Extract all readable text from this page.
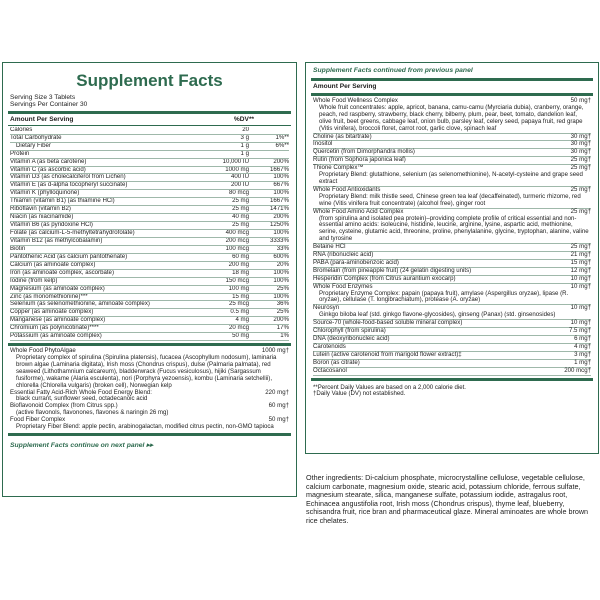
Supplement Facts
Serving Size 3 Tablets
Servings Per Container 30
Amount Per Serving	%DV**
Calories	20
Total Carbohydrate	3 g	1%**
Dietary Fiber	1 g	6%**
Protein	1 g
Vitamin A (as beta carotene)	10,000 IU	200%
Vitamin C (as ascorbic acid)	1000 mg	1667%
Vitamin D3 (as cholecalciferol from Lichen)	400 IU	100%
Vitamin E (as d-alpha tocopheryl succinate)	200 IU	667%
Vitamin K (phylloquinone)	80 mcg	100%
Thiamin (vitamin B1) (as thiamine HCl)	25 mg	1667%
Riboflavin (vitamin B2)	25 mg	1471%
Niacin (as niacinamide)	40 mg	200%
Vitamin B6 (as pyridoxine HCl)	25 mg	1250%
Folate (as calcium-L-5-methyltetrahydrofolate)	400 mcg	100%
Vitamin B12 (as methylcobalamin)	200 mcg	3333%
Biotin	100 mcg	33%
Pantothenic Acid (as calcium pantothenate)	60 mg	600%
Calcium (as aminoate complex)	200 mg	20%
Iron (as aminoate complex, ascorbate)	18 mg	100%
Iodine (from kelp)	150 mcg	100%
Magnesium (as aminoate complex)	100 mg	25%
Zinc (as monomethionine)***	15 mg	100%
Selenium (as selenomethionine, aminoate complex)	25 mcg	36%
Copper (as aminoate complex)	0.5 mg	25%
Manganese (as aminoate complex)	4 mg	200%
Chromium (as polynicotinate)****	20 mcg	17%
Potassium (as aminoate complex)	50 mg	1%
Whole Food PhytoAlgae	1000 mg†
Proprietary complex of spirulina (Spirulina platensis), fucacea (Ascophyllum nodosum), laminaria brown algae (Laminaria digitata), Irish moss (Chondrus crispus), dulse (Palmaria palmata), red seaweed (Lithothamnium calcareum), bladderwrack (Fucus vesiculosus), hijiki (Sargassum fusiforme), wakame (Alaria esculenta), nori (Porphyra yezoensis), kombu (Laminaria setchellii), chlorella (Chlorella vulgaris) (broken cell), Norwegian kelp
Essential Fatty Acid-Rich Whole Food Energy Blend:	220 mg†
black currant, sunflower seed, octadecanoic acid
Bioflavonoid Complex (from Citrus spp.)	60 mg†
(active flavonols, flavonones, flavones & naringin 26 mg)
Food Fiber Complex	50 mg†
Proprietary Fiber Blend: apple pectin, arabinogalactan, modified citrus pectin, non-GMO tapioca
Supplement Facts continue on next panel ▸▸
Supplement Facts continued from previous panel
Amount Per Serving
Whole Food Wellness Complex	50 mg†
Whole fruit concentrates: apple, apricot, banana, camu-camu (Myrciaria dubia), cranberry, orange, peach, red raspberry, strawberry, black cherry, bilberry, plum, pear, beet, tomato, dandelion leaf, olive fruit, beet greens, cabbage leaf, onion bulb, parsley leaf, celery seed, papaya fruit, red grape (Vitis vinifera), broccoli floret, carrot root, garlic clove, spinach leaf
Choline (as bitartrate)	30 mg†
Inositol	30 mg†
Quercetin (from Dimorphandra mollis)	30 mg†
Rutin (from Sophora japonica leaf)	25 mg†
Thione Complex™	25 mg†
Proprietary Blend: glutathione, selenium (as selenomethionine), N-acetyl-cysteine and grape seed extract
Whole Food Antioxidants	25 mg†
Proprietary Blend: milk thistle seed, Chinese green tea leaf (decaffeinated), turmeric rhizome, red wine (Vitis vinifera fruit concentrate) (alcohol free), ginger root
Whole Food Amino Acid Complex	25 mg†
(from spirulina and isolated pea protein)–providing complete profile of critical essential and non-essential amino acids: isoleucine, histidine, leucine, arginine, lysine, aspartic acid, methionine, serine, cysteine, glutamic acid, threonine, proline, phenylalanine, glycine, tryptophan, alanine, valine and tyrosine
Betaine HCl	25 mg†
RNA (ribonucleic acid)	21 mg†
PABA (para-aminobenzoic acid)	15 mg†
Bromelain (from pineapple fruit) (24 gelatin digesting units)	12 mg†
Hesperidin Complex (from Citrus aurantium exocarp)	10 mg†
Whole Food Enzymes	10 mg†
Proprietary Enzyme Complex: papain (papaya fruit), amylase (Aspergillus oryzae), lipase (R. oryzae), cellulase (T. longibrachiatum), protease (A. oryzae)
Neurosyn	10 mg†
Ginkgo biloba leaf (std. ginkgo flavone-glycosides), ginseng (Panax) (std. ginsenosides)
Source-70 (whole-food-based soluble mineral complex)	10 mg†
Chlorophyll (from spirulina)	7.5 mg†
DNA (deoxyribonucleic acid)	6 mg†
Carotenoids	4 mg†
Lutein (active carotenoid from marigold flower extract)‡	3 mg†
Boron (as citrate)	1 mg†
Octacosanol	200 mcg†
**Percent Daily Values are based on a 2,000 calorie diet.
†Daily Value (DV) not established.
Other ingredients: Di-calcium phosphate, microcrystalline cellulose, vegetable cellulose, calcium carbonate, magnesium oxide, stearic acid, potassium chloride, ferrous sulfate, magnesium stearate, silica, manganese sulfate, potassium iodide, astragalus root, Echinacea angustifolia root, Irish moss (Chondrus crispus), thyme leaf, blueberry, schisandra fruit, rice bran and pharmaceutical glaze. Mineral aminoates are whole brown rice chelates.
